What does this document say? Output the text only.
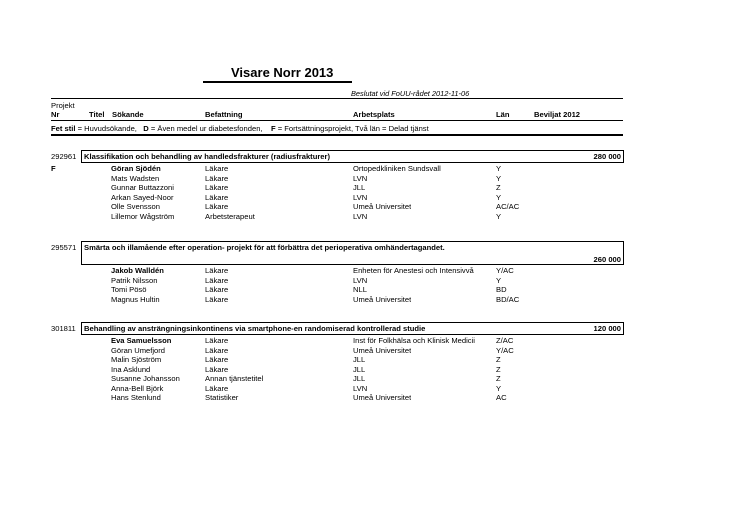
Visare Norr 2013
Beslutat vid FoUU-rådet 2012-11-06
Projekt
Nr	Titel Sökande	Befattning	Arbetsplats	Län	Beviljat 2012
Fet stil = Huvudsökande, D = Även medel ur diabetesfonden, F = Fortsättningsprojekt, Två län = Delad tjänst
292961 Klassifikation och behandling av handledsfrakturer (radiusfrakturer)	280 000
F	Göran Sjödén	Läkare	Ortopedkliniken Sundsvall	Y
Mats Wadsten	Läkare	LVN	Y
Gunnar Buttazzoni	Läkare	JLL	Z
Arkan Sayed-Noor	Läkare	LVN	Y
Olle Svensson	Läkare	Umeå Universitet	AC/AC
Lillemor Wågström	Arbetsterapeut	LVN	Y
295571 Smärta och illamående efter operation- projekt för att förbättra det perioperativa omhändertagandet.
260 000
Jakob Walldén	Läkare	Enheten för Anestesi och Intensivvå	Y/AC
Patrik Nilsson	Läkare	LVN	Y
Tomi Pösö	Läkare	NLL	BD
Magnus Hultin	Läkare	Umeå Universitet	BD/AC
301811 Behandling av ansträngningsinkontinens via smartphone-en randomiserad kontrollerad studie	120 000
Eva Samuelsson	Läkare	Inst för Folkhälsa och Klinisk Medicii	Z/AC
Göran Umefjord	Läkare	Umeå Universitet	Y/AC
Malin Sjöström	Läkare	JLL	Z
Ina Asklund	Läkare	JLL	Z
Susanne Johansson	Annan tjänstetitel	JLL	Z
Anna-Bell Björk	Läkare	LVN	Y
Hans Stenlund	Statistiker	Umeå Universitet	AC
